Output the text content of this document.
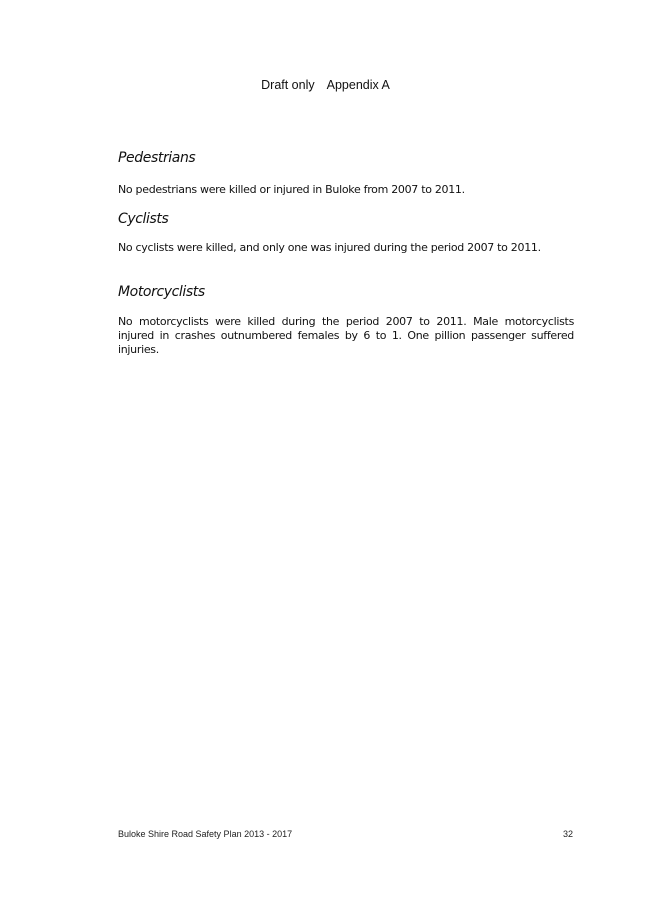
Draft only Appendix A
Pedestrians

No pedestrians were killed or injured in Buloke from 2007 to 2011.

Cyclists

No cyclists were killed, and only one was injured during the period 2007 to 2011.

Motorcyclists

No motorcyclists were killed during the period 2007 to 2011. Male motorcyclists injured in crashes outnumbered females by 6 to 1. One pillion passenger suffered injuries.

Buloke Shire Road Safety Plan 2013 - 2017	32
